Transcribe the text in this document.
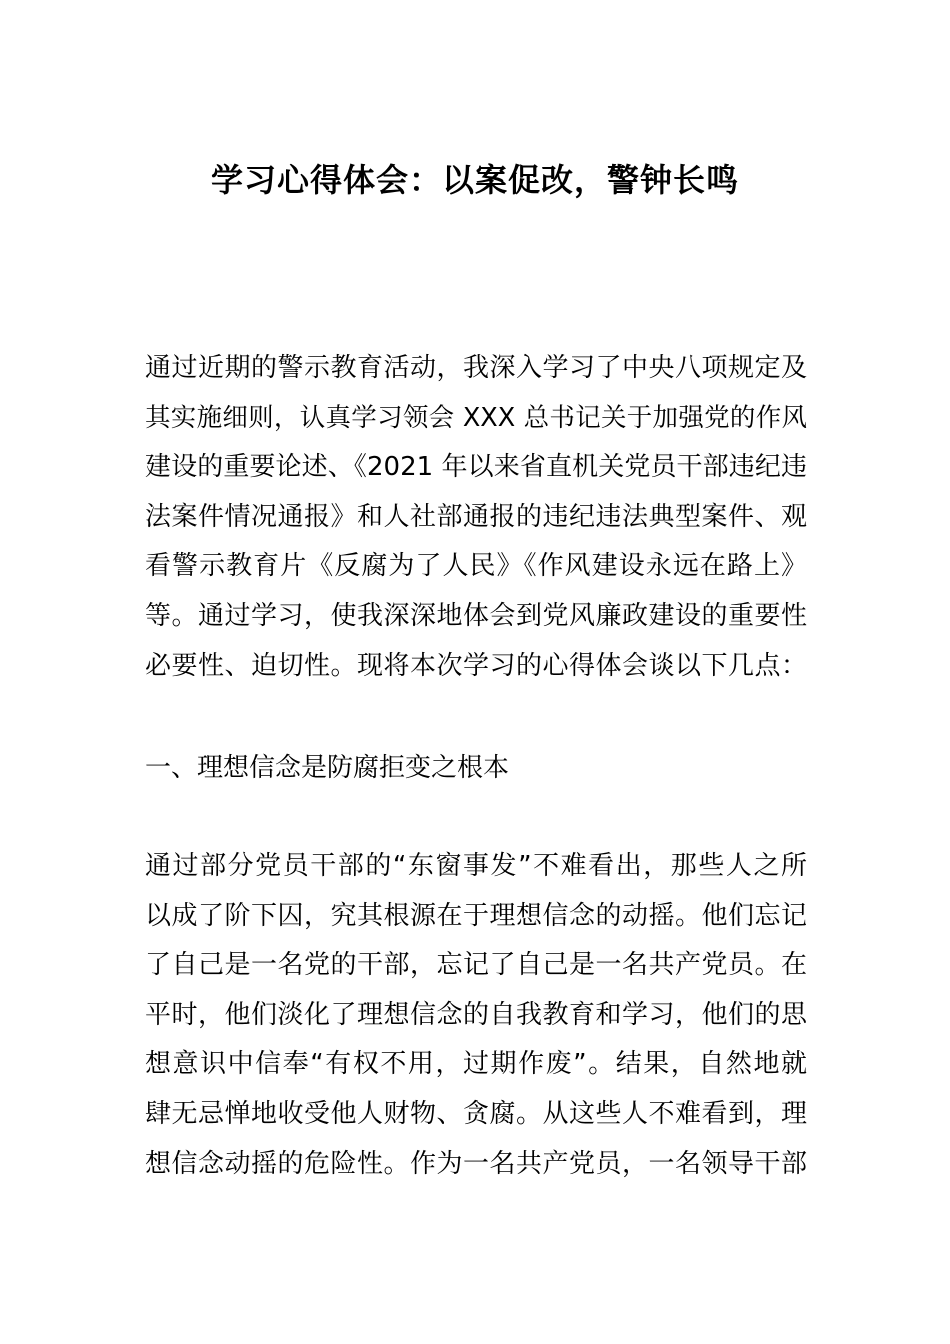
学习心得体会：以案促改，警钟长鸣
通过近期的警示教育活动，我深入学习了中央八项规定及
其实施细则，认真学习领会 XXX 总书记关于加强党的作风
建设的重要论述、《2021 年以来省直机关党员干部违纪违
法案件情况通报》和人社部通报的违纪违法典型案件、观
看警示教育片《反腐为了人民》《作风建设永远在路上》
等。通过学习，使我深深地体会到党风廉政建设的重要性
必要性、迫切性。现将本次学习的心得体会谈以下几点：
一、理想信念是防腐拒变之根本
通过部分党员干部的“东窗事发”不难看出，那些人之所
以成了阶下囚，究其根源在于理想信念的动摇。他们忘记
了自己是一名党的干部，忘记了自己是一名共产党员。在
平时，他们淡化了理想信念的自我教育和学习，他们的思
想意识中信奉“有权不用，过期作废”。结果，自然地就
肆无忌惮地收受他人财物、贪腐。从这些人不难看到，理
想信念动摇的危险性。作为一名共产党员，一名领导干部
